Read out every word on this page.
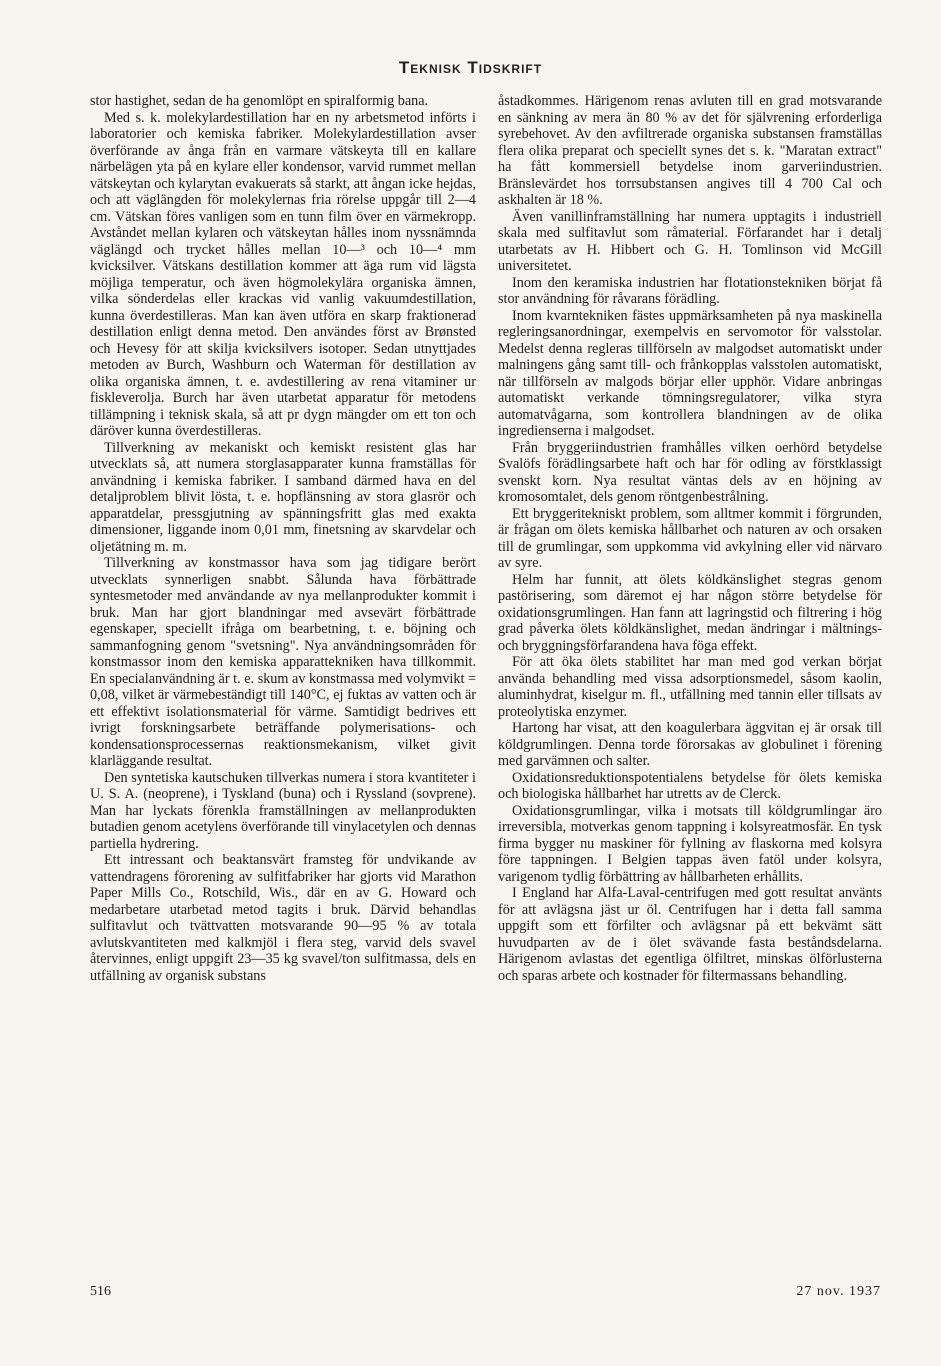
Teknisk Tidskrift

stor hastighet, sedan de ha genomlöpt en spiralformig bana.

Med s. k. molekylardestillation har en ny arbetsmetod införts i laboratorier och kemiska fabriker. Molekylardestillation avser överförande av ånga från en varmare vätskeyta till en kallare närbelägen yta på en kylare eller kondensor, varvid rummet mellan vätskeytan och kylarytan evakuerats så starkt, att ångan icke hejdas, och att väglängden för molekylernas fria rörelse uppgår till 2—4 cm. Vätskan föres vanligen som en tunn film över en värmekropp. Avståndet mellan kylaren och vätskeytan hålles inom nyssnämnda väglängd och trycket hålles mellan 10—³ och 10—⁴ mm kvicksilver. Vätskans destillation kommer att äga rum vid lägsta möjliga temperatur, och även högmolekylära organiska ämnen, vilka sönderdelas eller krackas vid vanlig vakuumdestillation, kunna överdestilleras. Man kan även utföra en skarp fraktionerad destillation enligt denna metod. Den användes först av Brønsted och Hevesy för att skilja kvicksilvers isotoper. Sedan utnyttjades metoden av Burch, Washburn och Waterman för destillation av olika organiska ämnen, t. e. avdestillering av rena vitaminer ur fiskleverolja. Burch har även utarbetat apparatur för metodens tillämpning i teknisk skala, så att pr dygn mängder om ett ton och däröver kunna överdestilleras.

Tillverkning av mekaniskt och kemiskt resistent glas har utvecklats så, att numera storglasapparater kunna framställas för användning i kemiska fabriker. I samband därmed hava en del detaljproblem blivit lösta, t. e. hopflänsning av stora glasrör och apparatdelar, pressgjutning av spänningsfritt glas med exakta dimensioner, liggande inom 0,01 mm, finetsning av skarvdelar och oljetätning m. m.

Tillverkning av konstmassor hava som jag tidigare berört utvecklats synnerligen snabbt. Sålunda hava förbättrade syntesmetoder med användande av nya mellanprodukter kommit i bruk. Man har gjort blandningar med avsevärt förbättrade egenskaper, speciellt ifråga om bearbetning, t. e. böjning och sammanfogning genom "svetsning". Nya användningsområden för konstmassor inom den kemiska apparattekniken hava tillkommit. En specialanvändning är t. e. skum av konstmassa med volymvikt = 0,08, vilket är värmebeständigt till 140°C, ej fuktas av vatten och är ett effektivt isolationsmaterial för värme. Samtidigt bedrives ett ivrigt forskningsarbete beträffande polymerisations- och kondensationsprocessernas reaktionsmekanism, vilket givit klarläggande resultat.

Den syntetiska kautschuken tillverkas numera i stora kvantiteter i U. S. A. (neoprene), i Tyskland (buna) och i Ryssland (sovprene). Man har lyckats förenkla framställningen av mellanprodukten butadien genom acetylens överförande till vinylacetylen och dennas partiella hydrering.

Ett intressant och beaktansvärt framsteg för undvikande av vattendragens förorening av sulfitfabriker har gjorts vid Marathon Paper Mills Co., Rotschild, Wis., där en av G. Howard och medarbetare utarbetad metod tagits i bruk. Därvid behandlas sulfitavlut och tvättvatten motsvarande 90—95 % av totala avlutskvantiteten med kalkmjöl i flera steg, varvid dels svavel återvinnes, enligt uppgift 23—35 kg svavel/ton sulfitmassa, dels en utfällning av organisk substans

åstadkommes. Härigenom renas avluten till en grad motsvarande en sänkning av mera än 80 % av det för självrening erforderliga syrebehovet. Av den avfiltrerade organiska substansen framställas flera olika preparat och speciellt synes det s. k. "Maratan extract" ha fått kommersiell betydelse inom garveriindustrien. Bränslevärdet hos torrsubstansen angives till 4 700 Cal och askhalten är 18 %.

Även vanillinframställning har numera upptagits i industriell skala med sulfitavlut som råmaterial. Förfarandet har i detalj utarbetats av H. Hibbert och G. H. Tomlinson vid McGill universitetet.

Inom den keramiska industrien har flotationstekniken börjat få stor användning för råvarans förädling.

Inom kvarntekniken fästes uppmärksamheten på nya maskinella regleringsanordningar, exempelvis en servomotor för valsstolar. Medelst denna regleras tillförseln av malgodset automatiskt under malningens gång samt till- och frånkopplas valsstolen automatiskt, när tillförseln av malgods börjar eller upphör. Vidare anbringas automatiskt verkande tömningsregulatorer, vilka styra automatvågarna, som kontrollera blandningen av de olika ingredienserna i malgodset.

Från bryggeriindustrien framhålles vilken oerhörd betydelse Svalöfs förädlingsarbete haft och har för odling av förstklassigt svenskt korn. Nya resultat väntas dels av en höjning av kromosomtalet, dels genom röntgenbestrålning.

Ett bryggeritekniskt problem, som alltmer kommit i förgrunden, är frågan om ölets kemiska hållbarhet och naturen av och orsaken till de grumlingar, som uppkomma vid avkylning eller vid närvaro av syre.

Helm har funnit, att ölets köldkänslighet stegras genom pastörisering, som däremot ej har någon större betydelse för oxidationsgrumlingen. Han fann att lagringstid och filtrering i hög grad påverka ölets köldkänslighet, medan ändringar i mältnings- och bryggningsförfarandena hava föga effekt.

För att öka ölets stabilitet har man med god verkan börjat använda behandling med vissa adsorptionsmedel, såsom kaolin, aluminhydrat, kiselgur m. fl., utfällning med tannin eller tillsats av proteolytiska enzymer.

Hartong har visat, att den koagulerbara äggvitan ej är orsak till köldgrumlingen. Denna torde förorsakas av globulinet i förening med garvämnen och salter.

Oxidationsreduktionspotentialens betydelse för ölets kemiska och biologiska hållbarhet har utretts av de Clerck.

Oxidationsgrumlingar, vilka i motsats till köldgrumlingar äro irreversibla, motverkas genom tappning i kolsyreatmosfär. En tysk firma bygger nu maskiner för fyllning av flaskorna med kolsyra före tappningen. I Belgien tappas även fatöl under kolsyra, varigenom tydlig förbättring av hållbarheten erhållits.

I England har Alfa-Laval-centrifugen med gott resultat använts för att avlägsna jäst ur öl. Centrifugen har i detta fall samma uppgift som ett förfilter och avlägsnar på ett bekvämt sätt huvudparten av de i ölet svävande fasta beståndsdelarna. Härigenom avlastas det egentliga ölfiltret, minskas ölförlusterna och sparas arbete och kostnader för filtermassans behandling.

516	27 nov. 1937
